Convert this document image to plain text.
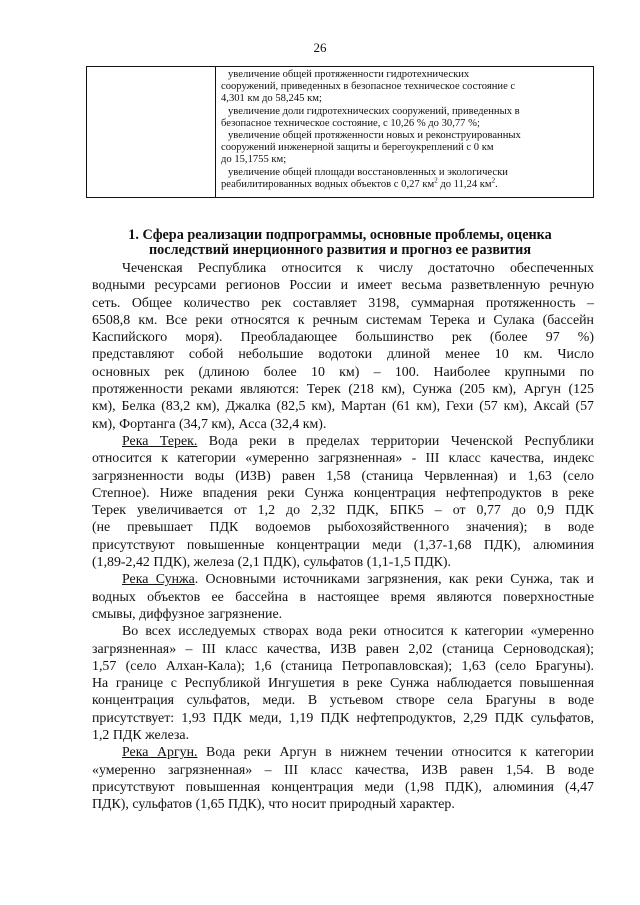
26

увеличение общей протяженности гидротехнических
сооружений, приведенных в безопасное техническое состояние с
4,301 км до 58,245 км;
увеличение доли гидротехнических сооружений, приведенных в
безопасное техническое состояние, с 10,26 % до 30,77 %;
увеличение общей протяженности новых и реконструированных
сооружений инженерной защиты и берегоукреплений с 0 км
до 15,1755 км;
увеличение общей площади восстановленных и экологически
реабилитированных водных объектов с 0,27 $км^2$ до 11,24 $км^2$.
1. Сфера реализации подпрограммы, основные проблемы, оценка
последствий инерционного развития и прогноз ее развития
Чеченская Республика относится к числу достаточно обеспеченных
водными ресурсами регионов России и имеет весьма разветвленную речную
сеть. Общее количество рек составляет 3198, суммарная протяженность –
6508,8 км. Все реки относятся к речным системам Терека и Сулака (бассейн
Каспийского моря). Преобладающее большинство рек (более 97 %)
представляют собой небольшие водотоки длиной менее 10 км. Число
основных рек (длиною более 10 км) – 100. Наиболее крупными по
протяженности реками являются: Терек (218 км), Сунжа (205 км), Аргун (125
км), Белка (83,2 км), Джалка (82,5 км), Мартан (61 км), Гехи (57 км), Аксай (57
км), Фортанга (34,7 км), Асса (32,4 км).
Река Терек. Вода реки в пределах территории Чеченской Республики
относится к категории «умеренно загрязненная» - III класс качества, индекс
загрязненности воды (ИЗВ) равен 1,58 (станица Червленная) и 1,63 (село
Степное). Ниже впадения реки Сунжа концентрация нефтепродуктов в реке
Терек увеличивается от 1,2 до 2,32 ПДК, БПК5 – от 0,77 до 0,9 ПДК
(не превышает ПДК водоемов рыбохозяйственного значения); в воде
присутствуют повышенные концентрации меди (1,37-1,68 ПДК), алюминия
(1,89-2,42 ПДК), железа (2,1 ПДК), сульфатов (1,1-1,5 ПДК).
Река Сунжа. Основными источниками загрязнения, как реки Сунжа, так и
водных объектов ее бассейна в настоящее время являются поверхностные
смывы, диффузное загрязнение.
Во всех исследуемых створах вода реки относится к категории «умеренно
загрязненная» – III класс качества, ИЗВ равен 2,02 (станица Серноводская);
1,57 (село Алхан-Кала); 1,6 (станица Петропавловская); 1,63 (село Брагуны).
На границе с Республикой Ингушетия в реке Сунжа наблюдается повышенная
концентрация сульфатов, меди. В устьевом створе села Брагуны в воде
присутствует: 1,93 ПДК меди, 1,19 ПДК нефтепродуктов, 2,29 ПДК сульфатов,
1,2 ПДК железа.
Река Аргун. Вода реки Аргун в нижнем течении относится к категории
«умеренно загрязненная» – III класс качества, ИЗВ равен 1,54. В воде
присутствуют повышенная концентрация меди (1,98 ПДК), алюминия (4,47
ПДК), сульфатов (1,65 ПДК), что носит природный характер.
